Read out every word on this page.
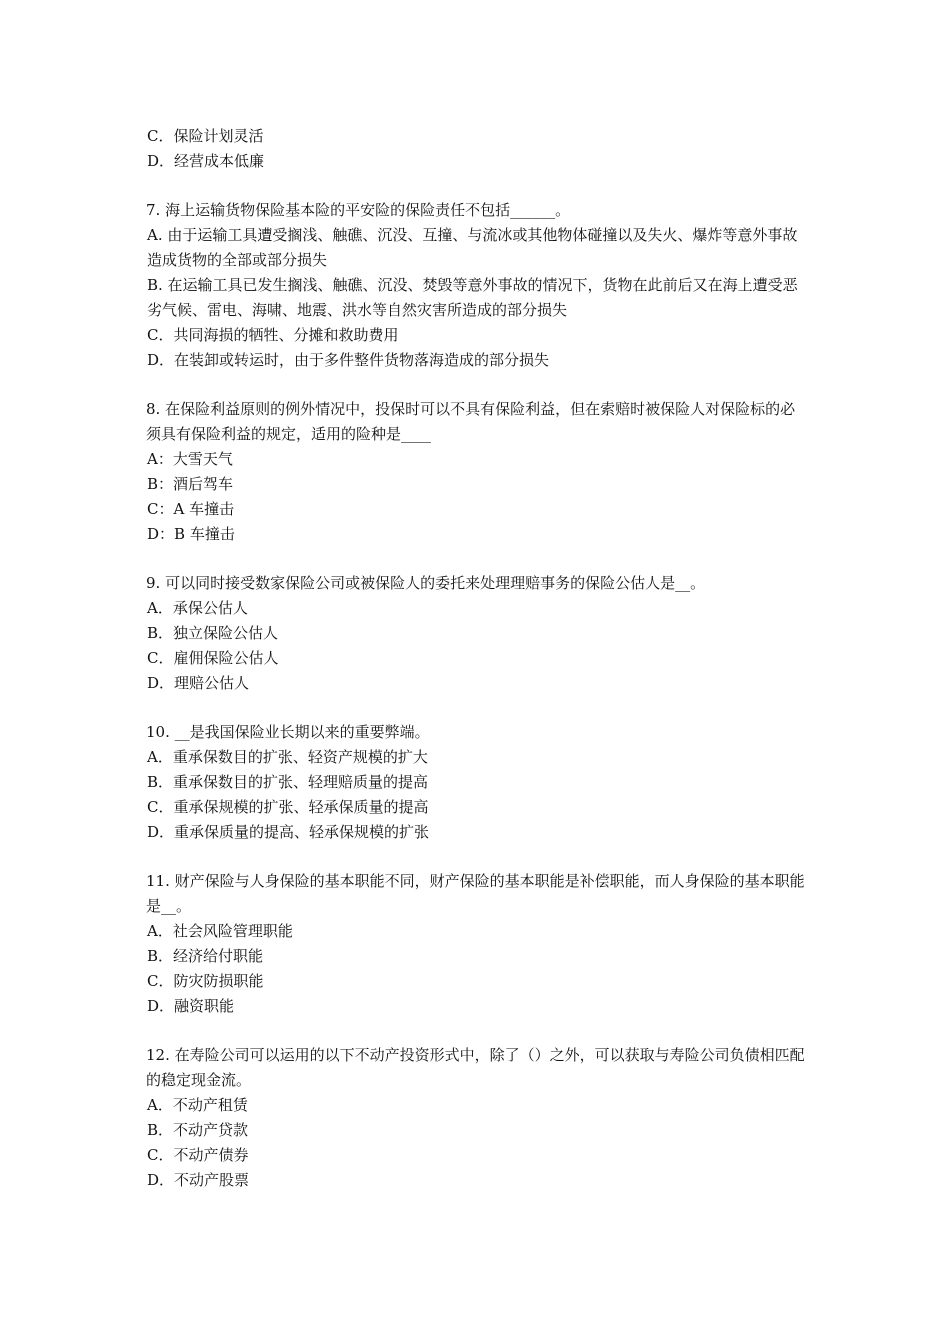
C．保险计划灵活
D．经营成本低廉
7. 海上运输货物保险基本险的平安险的保险责任不包括______。
A. 由于运输工具遭受搁浅、触礁、沉没、互撞、与流冰或其他物体碰撞以及失火、爆炸等意外事故造成货物的全部或部分损失
B. 在运输工具已发生搁浅、触礁、沉没、焚毁等意外事故的情况下，货物在此前后又在海上遭受恶劣气候、雷电、海啸、地震、洪水等自然灾害所造成的部分损失
C．共同海损的牺牲、分摊和救助费用
D．在装卸或转运时，由于多件整件货物落海造成的部分损失
8. 在保险利益原则的例外情况中，投保时可以不具有保险利益，但在索赔时被保险人对保险标的必须具有保险利益的规定，适用的险种是____
A：大雪天气
B：酒后驾车
C：A 车撞击
D：B 车撞击
9. 可以同时接受数家保险公司或被保险人的委托来处理理赔事务的保险公估人是__。
A．承保公估人
B．独立保险公估人
C．雇佣保险公估人
D．理赔公估人
10. __是我国保险业长期以来的重要弊端。
A．重承保数目的扩张、轻资产规模的扩大
B．重承保数目的扩张、轻理赔质量的提高
C．重承保规模的扩张、轻承保质量的提高
D．重承保质量的提高、轻承保规模的扩张
11. 财产保险与人身保险的基本职能不同，财产保险的基本职能是补偿职能，而人身保险的基本职能是__。
A．社会风险管理职能
B．经济给付职能
C．防灾防损职能
D．融资职能
12. 在寿险公司可以运用的以下不动产投资形式中，除了（）之外，可以获取与寿险公司负债相匹配的稳定现金流。
A．不动产租赁
B．不动产贷款
C．不动产债券
D．不动产股票
